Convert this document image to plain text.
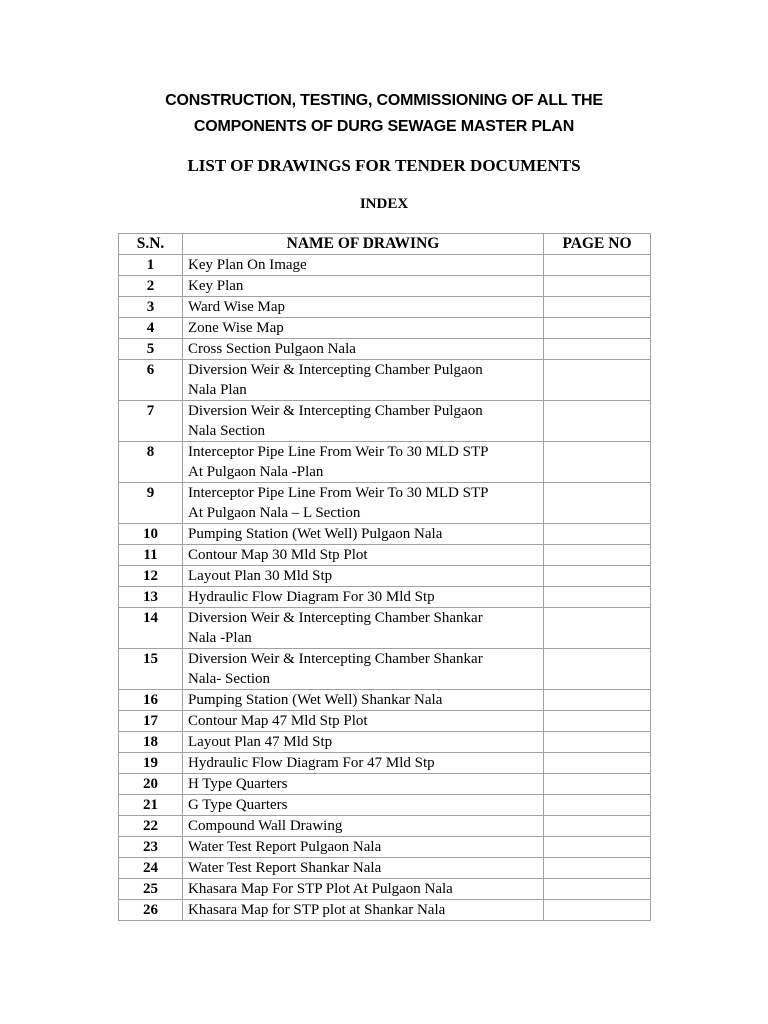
CONSTRUCTION, TESTING, COMMISSIONING OF ALL THE
COMPONENTS OF DURG SEWAGE MASTER PLAN
LIST OF DRAWINGS FOR TENDER DOCUMENTS
INDEX
S.N.	NAME OF DRAWING	PAGE NO
1	Key Plan On Image	

2	Key Plan	

3	Ward Wise Map	

4	Zone Wise Map	

5	Cross Section Pulgaon Nala	

6	Diversion Weir & Intercepting Chamber Pulgaon
Nala Plan	

7	Diversion Weir & Intercepting Chamber Pulgaon
Nala Section	

8	Interceptor Pipe Line From Weir To 30 MLD STP
At Pulgaon Nala -Plan	

9	Interceptor Pipe Line From Weir To 30 MLD STP
At Pulgaon Nala – L Section	

10	Pumping Station (Wet Well) Pulgaon Nala	

11	Contour Map 30 Mld Stp Plot	

12	Layout Plan 30 Mld Stp	

13	Hydraulic Flow Diagram For 30 Mld Stp	

14	Diversion Weir & Intercepting Chamber Shankar
Nala -Plan	

15	Diversion Weir & Intercepting Chamber Shankar
Nala- Section	

16	Pumping Station (Wet Well) Shankar Nala	

17	Contour Map 47 Mld Stp Plot	

18	Layout Plan 47 Mld Stp	

19	Hydraulic Flow Diagram For 47 Mld Stp	

20	H Type Quarters	

21	G Type Quarters	

22	Compound Wall Drawing	

23	Water Test Report Pulgaon Nala	

24	Water Test Report Shankar Nala	

25	Khasara Map For STP Plot At Pulgaon Nala	

26	Khasara Map for STP plot at Shankar Nala	
